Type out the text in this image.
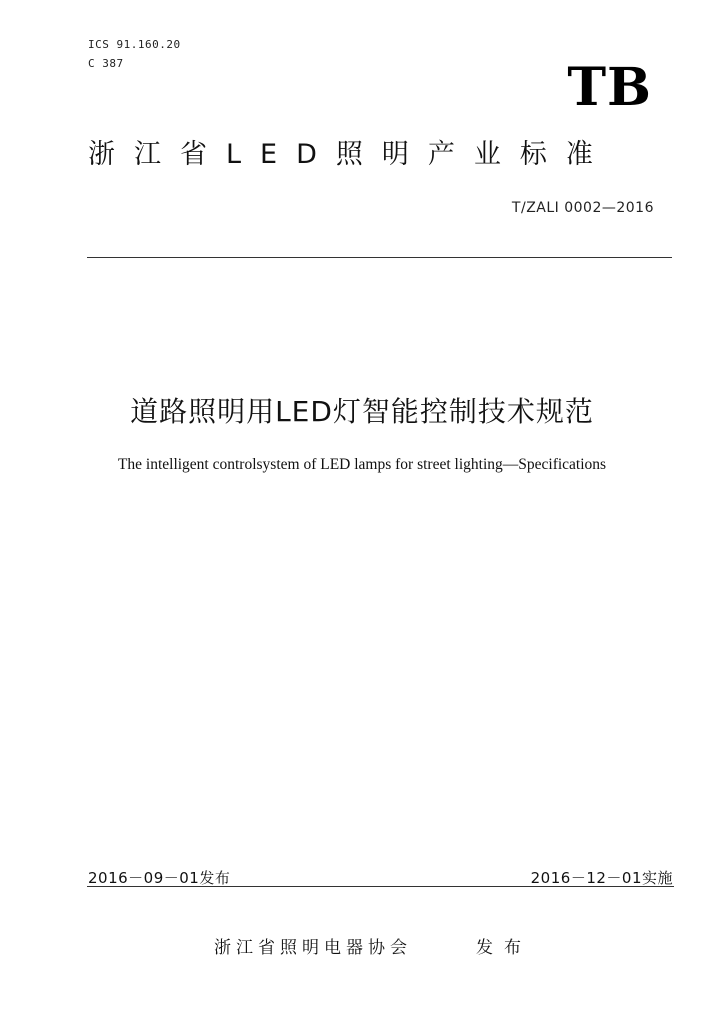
ICS 91.160.20
C 387	TB
浙江省LED照明产业标准
T/ZALI 0002—2016
道路照明用LED灯智能控制技术规范
The intelligent controlsystem of LED lamps for street lighting—Specifications
2016－09－01发布	2016－12－01实施
浙江省照明电器协会	发布
